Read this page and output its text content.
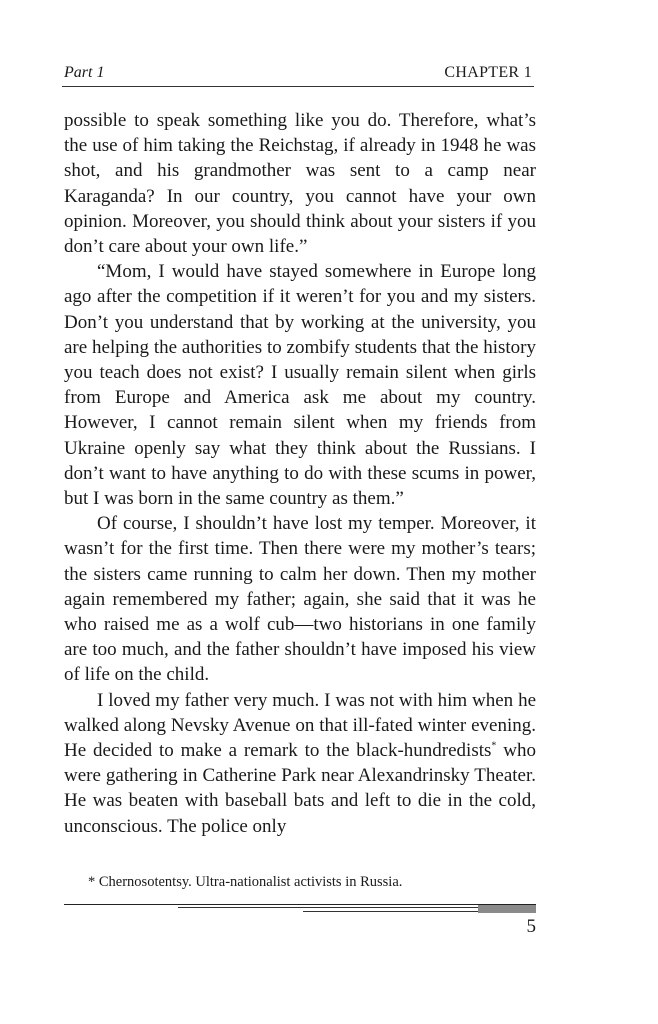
Part 1	CHAPTER 1

possible to speak something like you do. Therefore, what’s the use of him taking the Reichstag, if already in 1948 he was shot, and his grandmother was sent to a camp near Karaganda? In our country, you cannot have your own opinion. Moreover, you should think about your sisters if you don’t care about your own life.”

“Mom, I would have stayed somewhere in Europe long ago after the competition if it weren’t for you and my sisters. Don’t you understand that by working at the university, you are helping the authorities to zombify students that the history you teach does not exist? I usually remain silent when girls from Europe and America ask me about my country. However, I cannot remain silent when my friends from Ukraine openly say what they think about the Russians. I don’t want to have anything to do with these scums in power, but I was born in the same country as them.”

Of course, I shouldn’t have lost my temper. Moreover, it wasn’t for the first time. Then there were my mother’s tears; the sisters came running to calm her down. Then my mother again remembered my father; again, she said that it was he who raised me as a wolf cub—two historians in one family are too much, and the father shouldn’t have imposed his view of life on the child.

I loved my father very much. I was not with him when he walked along Nevsky Avenue on that ill-fated winter evening. He decided to make a remark to the black-hundredists* who were gathering in Catherine Park near Alexandrinsky Theater. He was beaten with baseball bats and left to die in the cold, unconscious. The police only

* Chernosotentsy. Ultra-nationalist activists in Russia.
5
